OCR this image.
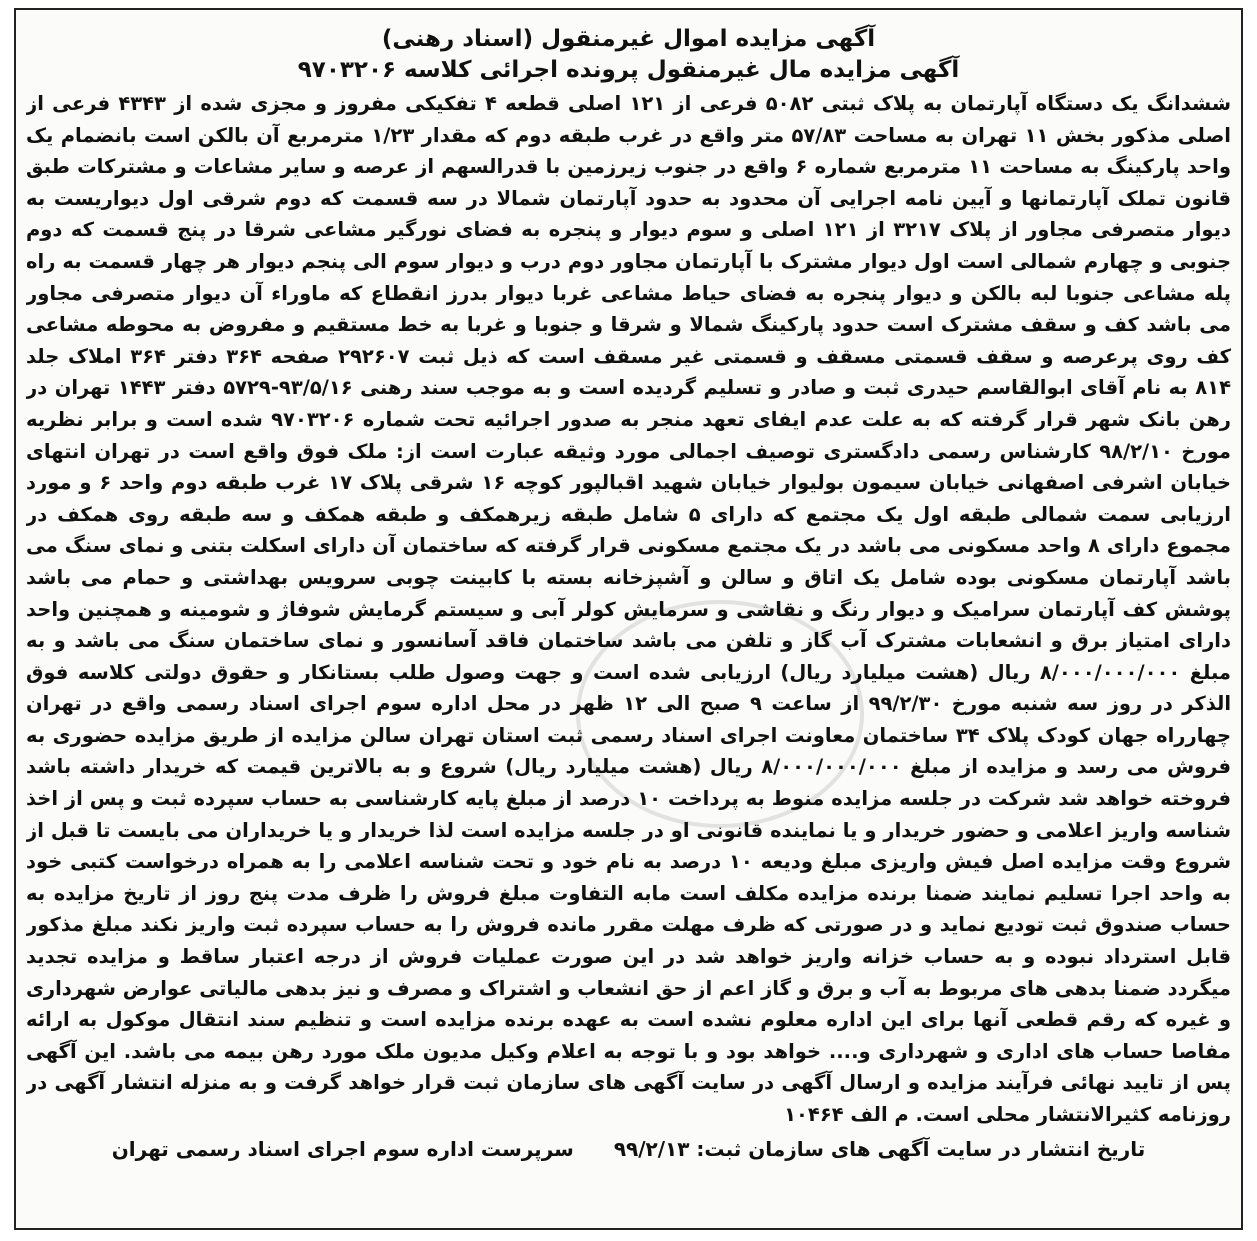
آگهی مزایده اموال غیرمنقول (اسناد رهنی)
آگهی مزایده مال غیرمنقول پرونده اجرائی کلاسه ۹۷۰۳۲۰۶

ششدانگ یک دستگاه آپارتمان به پلاک ثبتی ۵۰۸۲ فرعی از ۱۲۱ اصلی قطعه ۴ تفکیکی مفروز و مجزی شده از ۴۳۴۳ فرعی از اصلی مذکور بخش ۱۱ تهران به مساحت ۵۷/۸۳ متر واقع در غرب طبقه دوم که مقدار ۱/۲۳ مترمربع آن بالکن است بانضمام یک واحد پارکینگ به مساحت ۱۱ مترمربع شماره ۶ واقع در جنوب زیرزمین با قدرالسهم از عرصه و سایر مشاعات و مشترکات طبق قانون تملک آپارتمانها و آیین نامه اجرایی آن محدود به حدود آپارتمان شمالا در سه قسمت که دوم شرقی اول دیواریست به دیوار متصرفی مجاور از پلاک ۳۲۱۷ از ۱۲۱ اصلی و سوم دیوار و پنجره به فضای نورگیر مشاعی شرقا در پنج قسمت که دوم جنوبی و چهارم شمالی است اول دیوار مشترک با آپارتمان مجاور دوم درب و دیوار سوم الی پنجم دیوار هر چهار قسمت به راه پله مشاعی جنوبا لبه بالکن و دیوار پنجره به فضای حیاط مشاعی غربا دیوار بدرز انقطاع که ماوراء آن دیوار متصرفی مجاور می باشد کف و سقف مشترک است حدود پارکینگ شمالا و شرقا و جنوبا و غربا به خط مستقیم و مفروض به محوطه مشاعی کف روی پرعرصه و سقف قسمتی مسقف و قسمتی غیر مسقف است که ذیل ثبت ۲۹۲۶۰۷ صفحه ۳۶۴ دفتر ۳۶۴ املاک جلد ۸۱۴ به نام آقای ابوالقاسم حیدری ثبت و صادر و تسلیم گردیده است و به موجب سند رهنی ۹۳/۵/۱۶-۵۷۲۹ دفتر ۱۴۴۳ تهران در رهن بانک شهر قرار گرفته که به علت عدم ایفای تعهد منجر به صدور اجرائیه تحت شماره ۹۷۰۳۲۰۶ شده است و برابر نظریه مورخ ۹۸/۲/۱۰ کارشناس رسمی دادگستری توصیف اجمالی مورد وثیقه عبارت است از: ملک فوق واقع است در تهران انتهای خیابان اشرفی اصفهانی خیابان سیمون بولیوار خیابان شهید اقبالپور کوچه ۱۶ شرقی پلاک ۱۷ غرب طبقه دوم واحد ۶ و مورد ارزیابی سمت شمالی طبقه اول یک مجتمع که دارای ۵ شامل طبقه زیرهمکف و طبقه همکف و سه طبقه روی همکف در مجموع دارای ۸ واحد مسکونی می باشد در یک مجتمع مسکونی قرار گرفته که ساختمان آن دارای اسکلت بتنی و نمای سنگ می باشد آپارتمان مسکونی بوده شامل یک اتاق و سالن و آشپزخانه بسته با کابینت چوبی سرویس بهداشتی و حمام می باشد پوشش کف آپارتمان سرامیک و دیوار رنگ و نقاشی و سرمایش کولر آبی و سیستم گرمایش شوفاژ و شومینه و همچنین واحد دارای امتیاز برق و انشعابات مشترک آب گاز و تلفن می باشد ساختمان فاقد آسانسور و نمای ساختمان سنگ می باشد و به مبلغ ۸/۰۰۰/۰۰۰/۰۰۰ ریال (هشت میلیارد ریال) ارزیابی شده است و جهت وصول طلب بستانکار و حقوق دولتی کلاسه فوق الذکر در روز سه شنبه مورخ ۹۹/۲/۳۰ از ساعت ۹ صبح الی ۱۲ ظهر در محل اداره سوم اجرای اسناد رسمی واقع در تهران چهارراه جهان کودک پلاک ۳۴ ساختمان معاونت اجرای اسناد رسمی ثبت استان تهران سالن مزایده از طریق مزایده حضوری به فروش می رسد و مزایده از مبلغ ۸/۰۰۰/۰۰۰/۰۰۰ ریال (هشت میلیارد ریال) شروع و به بالاترین قیمت که خریدار داشته باشد فروخته خواهد شد شرکت در جلسه مزایده منوط به پرداخت ۱۰ درصد از مبلغ پایه کارشناسی به حساب سپرده ثبت و پس از اخذ شناسه واریز اعلامی و حضور خریدار و یا نماینده قانونی او در جلسه مزایده است لذا خریدار و یا خریداران می بایست تا قبل از شروع وقت مزایده اصل فیش واریزی مبلغ ودیعه ۱۰ درصد به نام خود و تحت شناسه اعلامی را به همراه درخواست کتبی خود به واحد اجرا تسلیم نمایند ضمنا برنده مزایده مکلف است مابه التفاوت مبلغ فروش را ظرف مدت پنج روز از تاریخ مزایده به حساب صندوق ثبت تودیع نماید و در صورتی که ظرف مهلت مقرر مانده فروش را به حساب سپرده ثبت واریز نکند مبلغ مذکور قابل استرداد نبوده و به حساب خزانه واریز خواهد شد در این صورت عملیات فروش از درجه اعتبار ساقط و مزایده تجدید میگردد ضمنا بدهی های مربوط به آب و برق و گاز اعم از حق انشعاب و اشتراک و مصرف و نیز بدهی مالیاتی عوارض شهرداری و غیره که رقم قطعی آنها برای این اداره معلوم نشده است به عهده برنده مزایده است و تنظیم سند انتقال موکول به ارائه مفاصا حساب های اداری و شهرداری و.... خواهد بود و با توجه به اعلام وکیل مدیون ملک مورد رهن بیمه می باشد. این آگهی پس از تایید نهائی فرآیند مزایده و ارسال آگهی در سایت آگهی های سازمان ثبت قرار خواهد گرفت و به منزله انتشار آگهی در روزنامه کثیرالانتشار محلی است. م الف ۱۰۴۶۴

تاریخ انتشار در سایت آگهی های سازمان ثبت: ۹۹/۲/۱۳
سرپرست اداره سوم اجرای اسناد رسمی تهران
